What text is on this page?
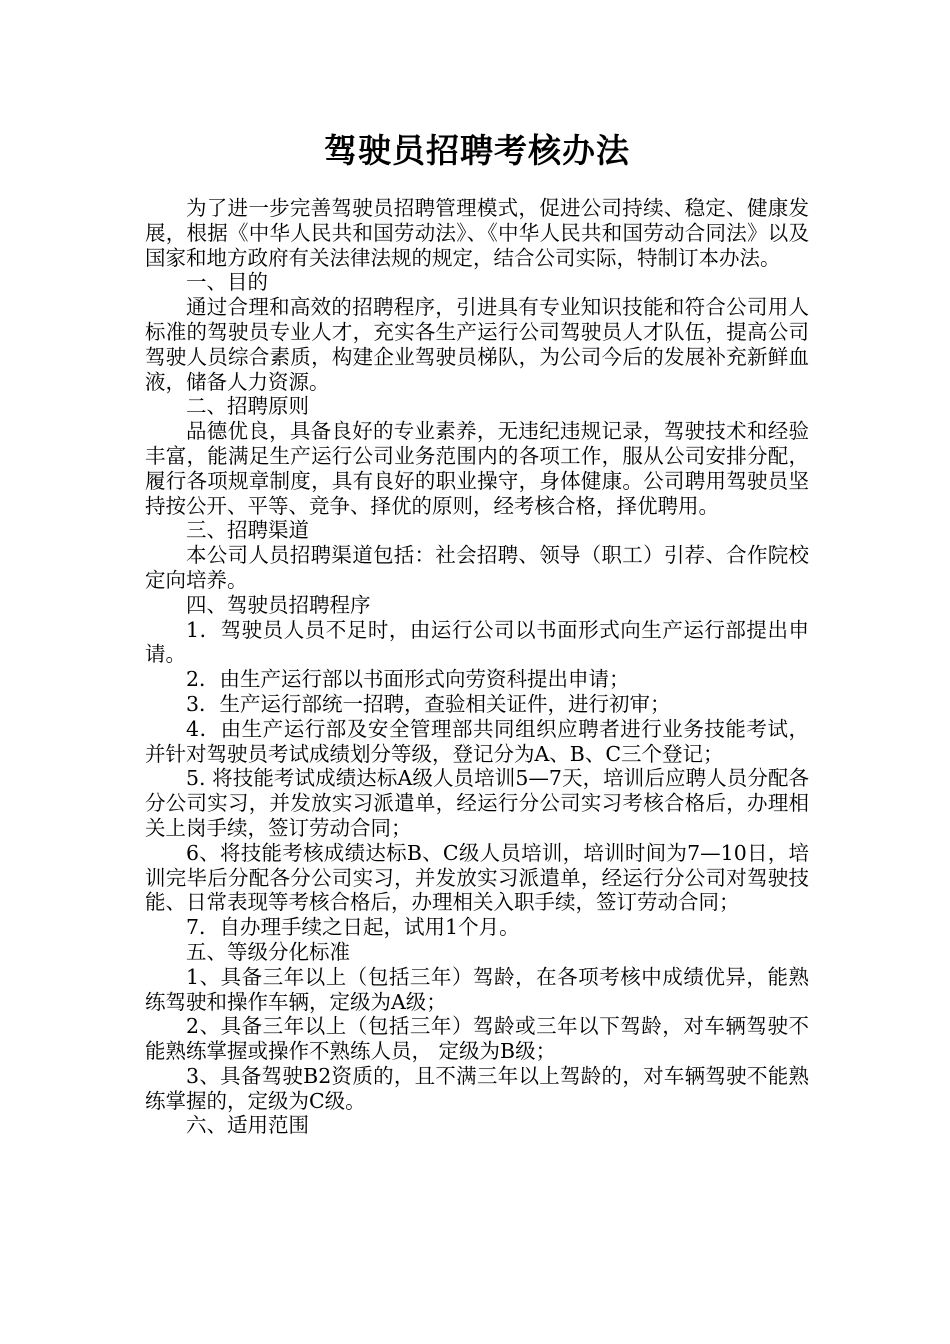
驾驶员招聘考核办法

为了进一步完善驾驶员招聘管理模式，促进公司持续、稳定、健康发展，根据《中华人民共和国劳动法》、《中华人民共和国劳动合同法》以及国家和地方政府有关法律法规的规定，结合公司实际，特制订本办法。

一、目的

通过合理和高效的招聘程序，引进具有专业知识技能和符合公司用人标准的驾驶员专业人才，充实各生产运行公司驾驶员人才队伍，提高公司驾驶人员综合素质，构建企业驾驶员梯队，为公司今后的发展补充新鲜血液，储备人力资源。

二、招聘原则

品德优良，具备良好的专业素养，无违纪违规记录，驾驶技术和经验丰富，能满足生产运行公司业务范围内的各项工作，服从公司安排分配，履行各项规章制度，具有良好的职业操守，身体健康。公司聘用驾驶员坚持按公开、平等、竞争、择优的原则，经考核合格，择优聘用。

三、招聘渠道

本公司人员招聘渠道包括：社会招聘、领导（职工）引荐、合作院校定向培养。

四、驾驶员招聘程序

1．驾驶员人员不足时，由运行公司以书面形式向生产运行部提出申请。

2．由生产运行部以书面形式向劳资科提出申请；

3．生产运行部统一招聘，查验相关证件，进行初审；

4．由生产运行部及安全管理部共同组织应聘者进行业务技能考试，并针对驾驶员考试成绩划分等级，登记分为A、B、C三个登记；

5. 将技能考试成绩达标A级人员培训5—7天，培训后应聘人员分配各分公司实习，并发放实习派遣单，经运行分公司实习考核合格后，办理相关上岗手续，签订劳动合同；

6、将技能考核成绩达标B、C级人员培训，培训时间为7—10日，培训完毕后分配各分公司实习，并发放实习派遣单，经运行分公司对驾驶技能、日常表现等考核合格后，办理相关入职手续，签订劳动合同；

7．自办理手续之日起，试用1个月。

五、等级分化标准

1、具备三年以上（包括三年）驾龄，在各项考核中成绩优异，能熟练驾驶和操作车辆，定级为A级；

2、具备三年以上（包括三年）驾龄或三年以下驾龄，对车辆驾驶不能熟练掌握或操作不熟练人员， 定级为B级；

3、具备驾驶B2资质的，且不满三年以上驾龄的，对车辆驾驶不能熟练掌握的，定级为C级。

六、适用范围
